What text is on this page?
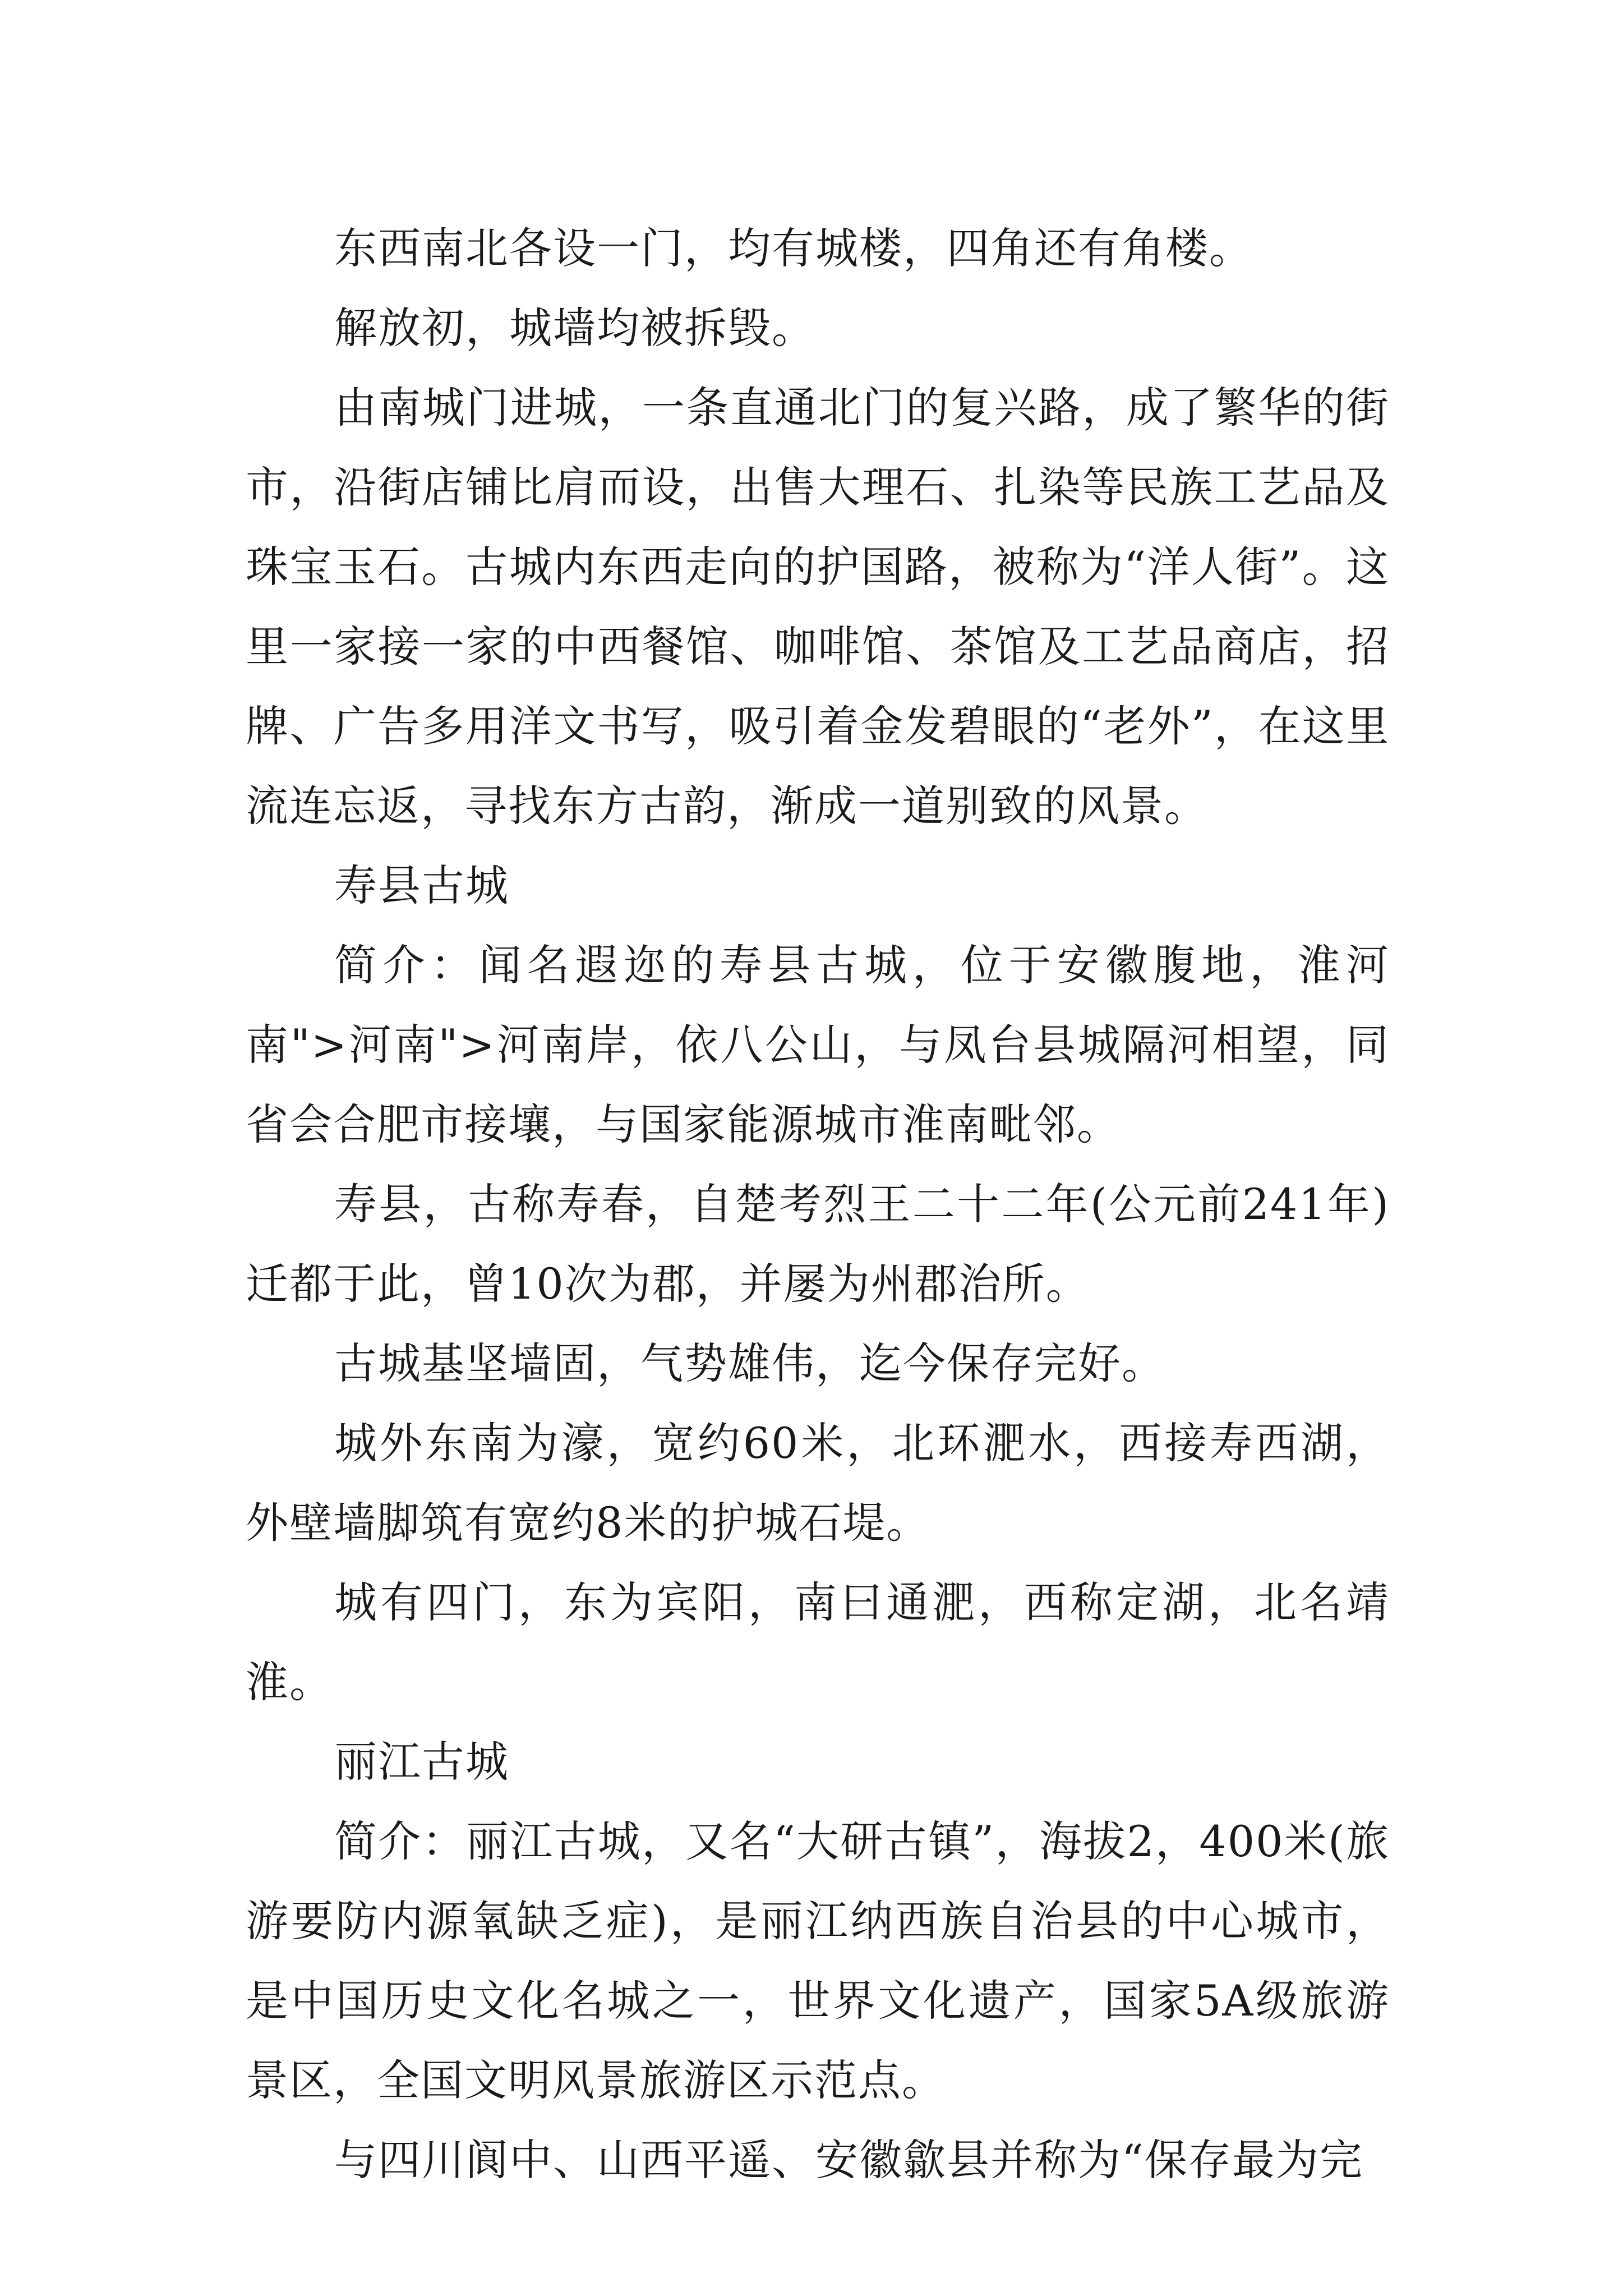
东西南北各设一门，均有城楼，四角还有角楼。

解放初，城墙均被拆毁。

由南城门进城，一条直通北门的复兴路，成了繁华的街市，沿街店铺比肩而设，出售大理石、扎染等民族工艺品及珠宝玉石。古城内东西走向的护国路，被称为“洋人街”。这里一家接一家的中西餐馆、咖啡馆、茶馆及工艺品商店，招牌、广告多用洋文书写，吸引着金发碧眼的“老外”，在这里流连忘返，寻找东方古韵，渐成一道别致的风景。

寿县古城

简介：闻名遐迩的寿县古城，位于安徽腹地，淮河南">河南">河南岸，依八公山，与凤台县城隔河相望，同省会合肥市接壤，与国家能源城市淮南毗邻。

寿县，古称寿春，自楚考烈王二十二年(公元前241年)迁都于此，曾10次为郡，并屡为州郡治所。

古城基坚墙固，气势雄伟，迄今保存完好。

城外东南为濠，宽约60米，北环淝水，西接寿西湖，外壁墙脚筑有宽约8米的护城石堤。

城有四门，东为宾阳，南曰通淝，西称定湖，北名靖淮。

丽江古城

简介：丽江古城，又名“大研古镇”，海拔2，400米(旅游要防内源氧缺乏症)，是丽江纳西族自治县的中心城市，是中国历史文化名城之一，世界文化遗产，国家5A级旅游景区，全国文明风景旅游区示范点。

与四川阆中、山西平遥、安徽歙县并称为“保存最为完
